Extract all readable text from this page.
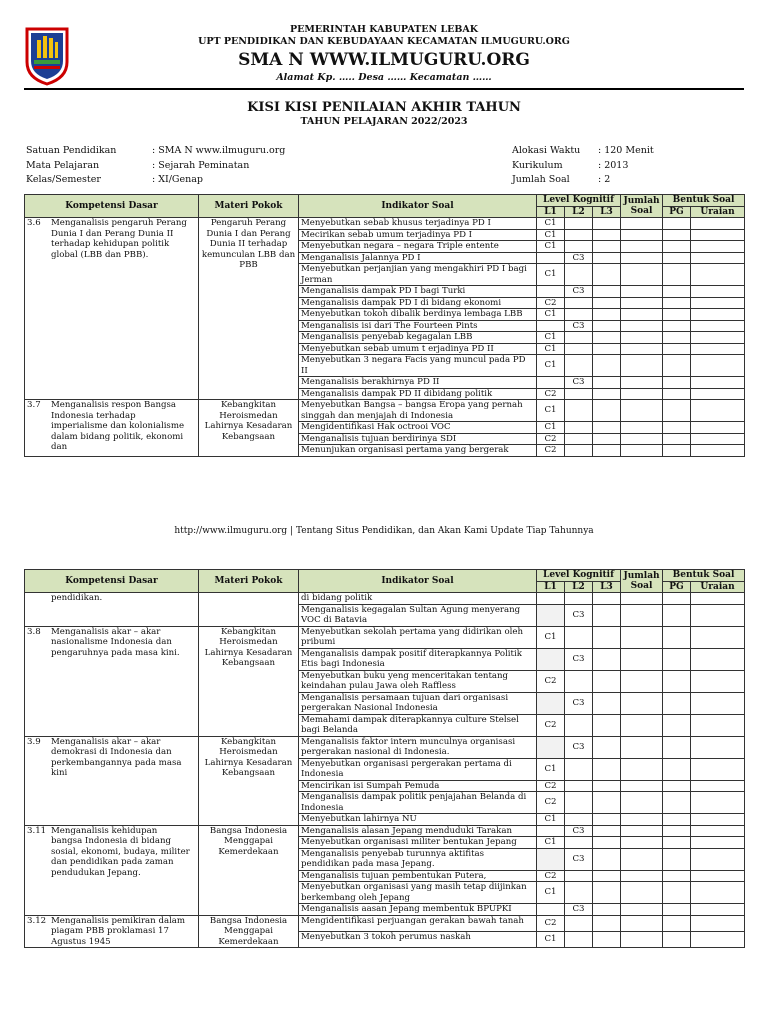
PEMERINTAH KABUPATEN LEBAK
UPT PENDIDIKAN DAN KEBUDAYAAN KECAMATAN ILMUGURU.ORG
SMA N WWW.ILMUGURU.ORG
Alamat Kp. ….. Desa …… Kecamatan ……
KISI KISI PENILAIAN AKHIR TAHUN
TAHUN PELAJARAN 2022/2023
Satuan Pendidikan	: SMA N www.ilmuguru.org
Mata Pelajaran	: Sejarah Peminatan
Kelas/Semester	: XI/Genap
Alokasi Waktu	: 120 Menit
Kurikulum	: 2013
Jumlah Soal	: 2
Kompetensi Dasar	Materi Pokok	Indikator Soal	Level Kognitif			Jumlah Soal	Bentuk Soal	
			L1	L2	L3		PG	Uraian
3.6 Menganalisis pengaruh Perang Dunia I dan Perang Dunia II terhadap kehidupan politik global (LBB dan PBB).	Pengaruh Perang Dunia I dan Perang Dunia II terhadap kemunculan LBB dan PBB	Menyebutkan sebab khusus terjadinya PD I	C1					
		Mecirikan sebab umum terjadinya PD I	C1					
		Menyebutkan negara – negara Triple entente	C1					
		Menganalisis Jalannya PD I		C3				
		Menyebutkan perjanjian yang mengakhiri PD I bagi Jerman	C1					
		Menganalisis dampak PD I bagi Turki		C3				
		Menganalisis dampak PD I di bidang ekonomi	C2					
		Menyebutkan tokoh dibalik berdinya lembaga LBB	C1					
		Menganalisis isi dari The Fourteen Pints		C3				
		Menganalisis penyebab kegagalan LBB	C1					
		Menyebutkan sebab umum t erjadinya PD II	C1					
		Menyebutkan 3 negara Facis yang muncul pada PD II	C1					
		Menganalisis berakhirnya PD II		C3				
		Menganalisis dampak PD II dibidang politik	C2					
3.7 Menganalisis respon Bangsa Indonesia terhadap imperialisme dan kolonialisme dalam bidang politik, ekonomi dan	Kebangkitan Heroismedan Lahirnya Kesadaran Kebangsaan	Menyebutkan Bangsa – bangsa Eropa yang pernah singgah dan menjajah di Indonesia	C1					
		Mengidentifikasi Hak octrooi VOC	C1					
		Menganalisis tujuan berdirinya SDI	C2					
		Menunjukan organisasi pertama yang bergerak	C2					
http://www.ilmuguru.org | Tentang Situs Pendidikan, dan Akan Kami Update Tiap Tahunnya
Kompetensi Dasar	Materi Pokok	Indikator Soal	Level Kognitif			Jumlah Soal	Bentuk Soal	
			L1	L2	L3		PG	Uraian
pendidikan.		di bidang politik						
		Menganalisis kegagalan Sultan Agung menyerang VOC di Batavia		C3				
3.8 Menganalisis akar – akar nasionalisme Indonesia dan pengaruhnya pada masa kini.	Kebangkitan Heroismedan Lahirnya Kesadaran Kebangsaan	Menyebutkan sekolah pertama yang didirikan oleh pribumi	C1					
		Menganalisis dampak positif diterapkannya Politik Etis bagi Indonesia		C3				
		Menyebutkan buku yeng menceritakan tentang keindahan pulau Jawa oleh Raffless	C2					
		Menganalisis persamaan tujuan dari organisasi pergerakan Nasional Indonesia		C3				
		Memahami dampak diterapkannya culture Stelsel bagi Belanda	C2					
3.9 Menganalisis akar – akar demokrasi di Indonesia dan perkembangannya pada masa kini	Kebangkitan Heroismedan Lahirnya Kesadaran Kebangsaan	Menganalisis faktor intern munculnya organisasi pergerakan nasional di Indonesia.		C3				
		Menyebutkan organisasi pergerakan pertama di Indonesia	C1					
		Mencirikan isi Sumpah Pemuda	C2					
		Menganalisis dampak politik penjajahan Belanda di Indonesia	C2					
		Menyebutkan lahirnya NU	C1					
3.11 Menganalisis kehidupan bangsa Indonesia di bidang sosial, ekonomi, budaya, militer dan pendidikan pada zaman pendudukan Jepang.	Bangsa Indonesia Menggapai Kemerdekaan	Menganalisis alasan Jepang menduduki Tarakan		C3				
		Menyebutkan organisasi militer bentukan Jepang	C1					
		Menganalisis penyebab turunnya aktifitas pendidikan pada masa Jepang.		C3				
		Menganalisis tujuan pembentukan Putera,	C2					
		Menyebutkan organisasi yang masih tetap diijinkan berkembang oleh Jepang	C1					
		Menganalisis aasan Jepang membentuk BPUPKI		C3				
3.12 Menganalisis pemikiran dalam piagam PBB proklamasi 17 Agustus 1945	Bangsa Indonesia Menggapai Kemerdekaan	Mengidentifikasi perjuangan gerakan bawah tanah	C2					
		Menyebutkan 3 tokoh perumus naskah	C1					
